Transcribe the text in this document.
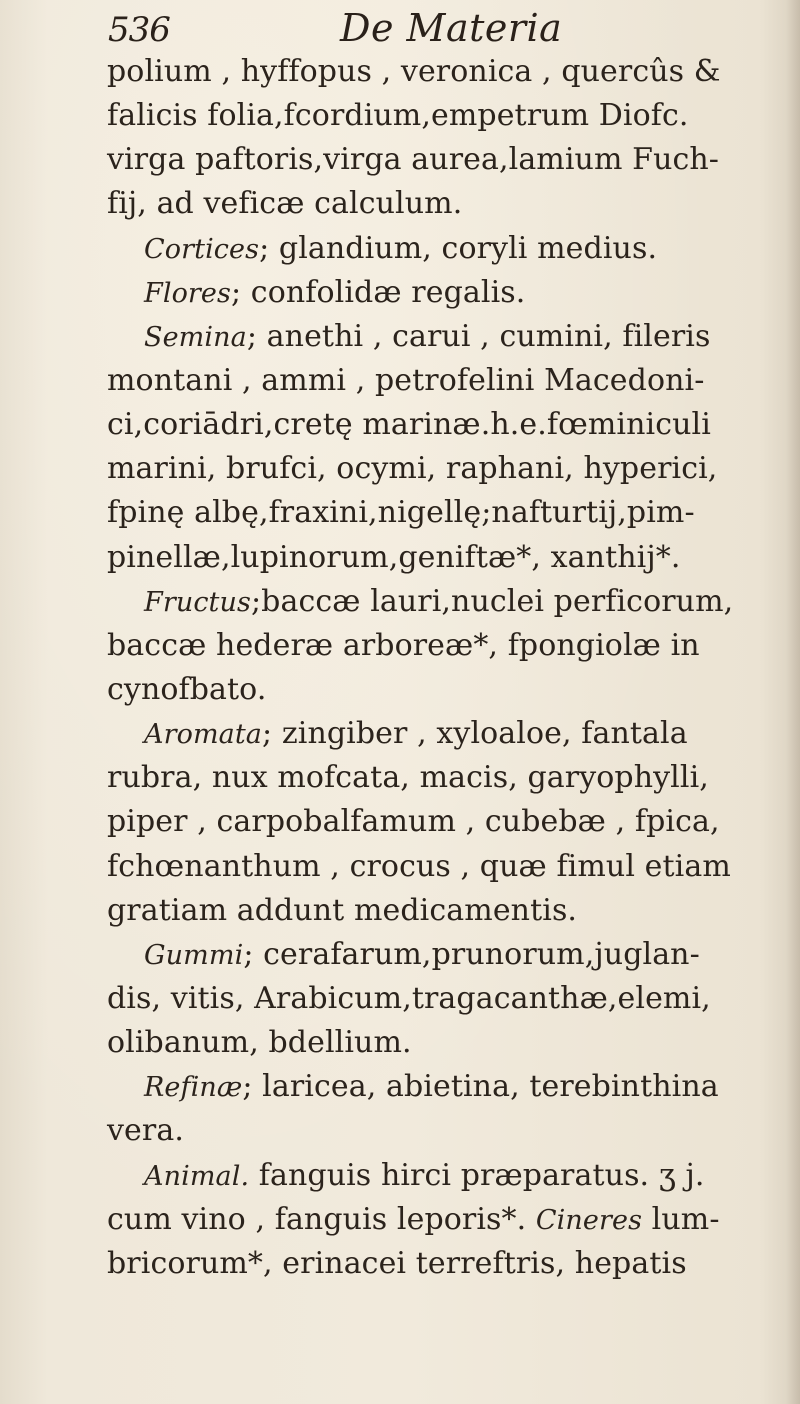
536	De Materia
polium , hyffopus , veronica , quercûs &
falicis folia,fcordium,empetrum Diofc.
virga paftoris,virga aurea,lamium Fuch-
fij, ad veficæ calculum.
Cortices; glandium, coryli medius.
Flores; confolidæ regalis.
Semina; anethi , carui , cumini, fileris
montani , ammi , petrofelini Macedoni-
ci,coriādri,cretę marinæ.h.e.fœminiculi
marini, brufci, ocymi, raphani, hyperici,
fpinę albę,fraxini,nigellę;nafturtij,pim-
pinellæ,lupinorum,geniftæ*, xanthij*.
Fructus;baccæ lauri,nuclei perficorum,
baccæ hederæ arboreæ*, fpongiolæ in
cynofbato.
Aromata; zingiber , xyloaloe, fantala
rubra, nux mofcata, macis, garyophylli,
piper , carpobalfamum , cubebæ , fpica,
fchœnanthum , crocus , quæ fimul etiam
gratiam addunt medicamentis.
Gummi; cerafarum,prunorum,juglan-
dis, vitis, Arabicum,tragacanthæ,elemi,
olibanum, bdellium.
Refinæ; laricea, abietina, terebinthina
vera.
Animal. fanguis hirci præparatus. ʒ j.
cum vino , fanguis leporis*. Cineres lum-
bricorum*, erinacei terreftris, hepatis
